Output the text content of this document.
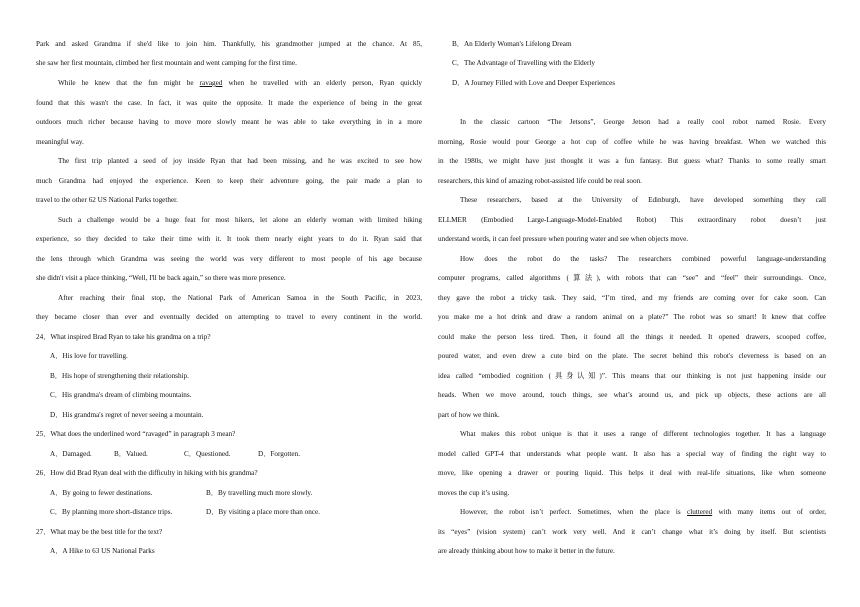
Park and asked Grandma if she'd like to join him. Thankfully, his grandmother jumped at the chance. At 85,
she saw her first mountain, climbed her first mountain and went camping for the first time.
While he knew that the fun might be ravaged when he travelled with an elderly person, Ryan quickly
found that this wasn't the case. In fact, it was quite the opposite. It made the experience of being in the great
outdoors much richer because having to move more slowly meant he was able to take everything in in a more
meaningful way.
The first trip planted a seed of joy inside Ryan that had been missing, and he was excited to see how
much Grandma had enjoyed the experience. Keen to keep their adventure going, the pair made a plan to
travel to the other 62 US National Parks together.
Such a challenge would be a huge feat for most hikers, let alone an elderly woman with limited hiking
experience, so they decided to take their time with it. It took them nearly eight years to do it. Ryan said that
the lens through which Grandma was seeing the world was very different to most people of his age because
she didn't visit a place thinking, “Well, I'll be back again,” so there was more presence.
After reaching their final stop, the National Park of American Samoa in the South Pacific, in 2023,
they became closer than ever and eventually decided on attempting to travel to every continent in the world.
24．What inspired Brad Ryan to take his grandma on a trip?
A．His love for travelling.
B．His hope of strengthening their relationship.
C．His grandma's dream of climbing mountains.
D．His grandma's regret of never seeing a mountain.
25．What does the underlined word “ravaged” in paragraph 3 mean?
A．Damaged.	B．Valued.	C．Questioned.	D．Forgotten.
26．How did Brad Ryan deal with the difficulty in hiking with his grandma?
A．By going to fewer destinations.	B．By travelling much more slowly.
C．By planning more short-distance trips.	D．By visiting a place more than once.
27．What may be the best title for the text?
A．A Hike to 63 US National Parks
B．An Elderly Woman's Lifelong Dream
C．The Advantage of Travelling with the Elderly
D．A Journey Filled with Love and Deeper Experiences
In the classic cartoon “The Jetsons”, George Jetson had a really cool robot named Rosie. Every
morning, Rosie would pour George a hot cup of coffee while he was having breakfast. When we watched this
in the 1980s, we might have just thought it was a fun fantasy. But guess what? Thanks to some really smart
researchers, this kind of amazing robot-assisted life could be real soon.
These researchers, based at the University of Edinburgh, have developed something they call
ELLMER (Embodied Large-Language-Model-Enabled Robot) This extraordinary robot doesn’t just
understand words, it can feel pressure when pouring water and see when objects move.
How does the robot do the tasks? The researchers combined powerful language-understanding
computer programs, called algorithms (算法), with robots that can “see” and “feel” their surroundings. Once,
they gave the robot a tricky task. They said, “I’m tired, and my friends are coming over for cake soon. Can
you make me a hot drink and draw a random animal on a plate?” The robot was so smart! It knew that coffee
could make the person less tired. Then, it found all the things it needed. It opened drawers, scooped coffee,
poured water, and even drew a cute bird on the plate. The secret behind this robot's cleverness is based on an
idea called “embodied cognition (具身认知)”. This means that our thinking is not just happening inside our
heads. When we move around, touch things, see what’s around us, and pick up objects, these actions are all
part of how we think.
What makes this robot unique is that it uses a range of different technologies together. It has a language
model called GPT-4 that understands what people want. It also has a special way of finding the right way to
move, like opening a drawer or pouring liquid. This helps it deal with real-life situations, like when someone
moves the cup it’s using.
However, the robot isn’t perfect. Sometimes, when the place is cluttered with many items out of order,
its “eyes” (vision system) can’t work very well. And it can’t change what it’s doing by itself. But scientists
are already thinking about how to make it better in the future.
